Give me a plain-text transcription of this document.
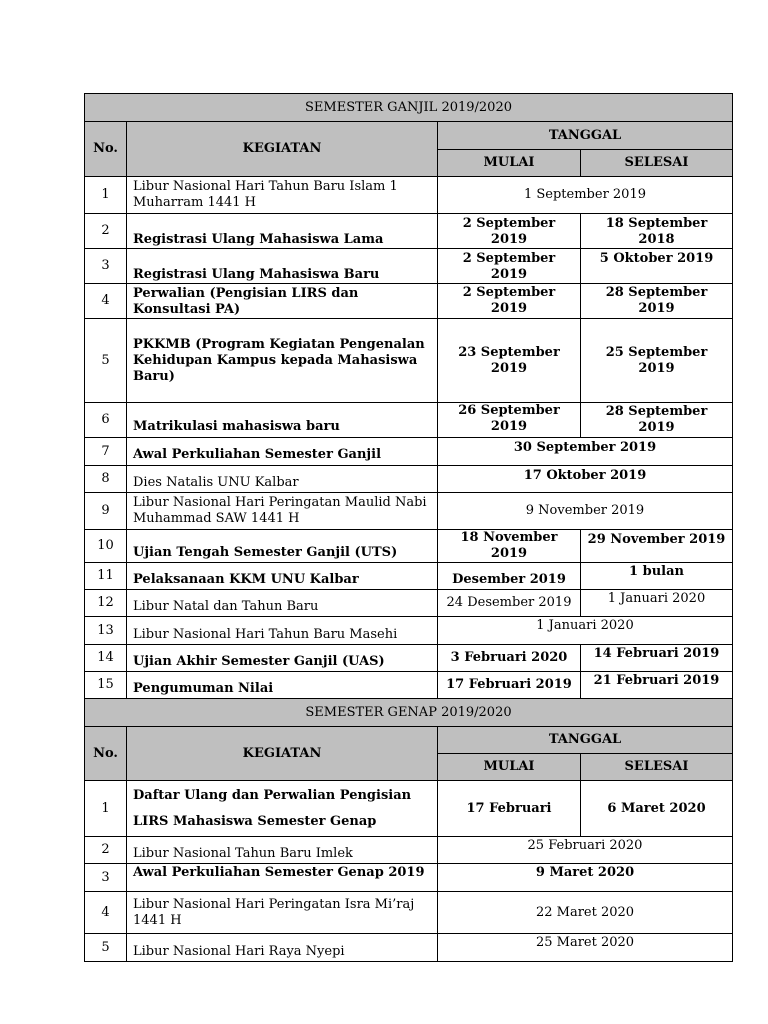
SEMESTER GANJIL 2019/2020			
No.	KEGIATAN	TANGGAL	
		MULAI	SELESAI
1	Libur Nasional Hari Tahun Baru Islam 1 Muharram 1441 H	1 September 2019	
2	Registrasi Ulang Mahasiswa Lama	2 September 2019	18 September 2018
3	Registrasi Ulang Mahasiswa Baru	2 September 2019	5 Oktober 2019
4	Perwalian (Pengisian LIRS dan Konsultasi PA)	2 September 2019	28 September 2019
5	PKKMB (Program Kegiatan Pengenalan Kehidupan Kampus kepada Mahasiswa Baru)	23 September 2019	25 September 2019
6	Matrikulasi mahasiswa baru	26 September 2019	28 September 2019
7	Awal Perkuliahan Semester Ganjil	30 September 2019	
8	Dies Natalis UNU Kalbar	17 Oktober 2019	
9	Libur Nasional Hari Peringatan Maulid Nabi Muhammad SAW 1441 H	9 November 2019	
10	Ujian Tengah Semester Ganjil (UTS)	18 November 2019	29 November 2019
11	Pelaksanaan KKM UNU Kalbar	Desember 2019	1 bulan
12	Libur Natal dan Tahun Baru	24 Desember 2019	1 Januari 2020
13	Libur Nasional Hari Tahun Baru Masehi	1 Januari 2020	
14	Ujian Akhir Semester Ganjil (UAS)	3 Februari 2020	14 Februari 2019
15	Pengumuman Nilai	17 Februari 2019	21 Februari 2019
SEMESTER GENAP 2019/2020			
No.	KEGIATAN	TANGGAL	
		MULAI	SELESAI
1	Daftar Ulang dan Perwalian Pengisian LIRS Mahasiswa Semester Genap	17 Februari	6 Maret 2020
2	Libur Nasional Tahun Baru Imlek	25 Februari 2020	
3	Awal Perkuliahan Semester Genap 2019	9 Maret 2020	
4	Libur Nasional Hari Peringatan Isra Mi’raj 1441 H	22 Maret 2020	
5	Libur Nasional Hari Raya Nyepi	25 Maret 2020	
